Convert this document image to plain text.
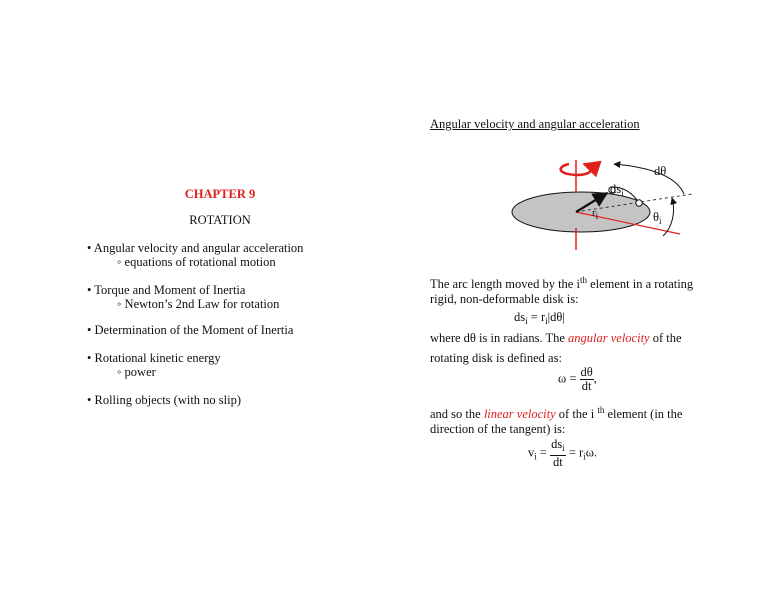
CHAPTER 9
ROTATION
• Angular velocity and angular acceleration
◦ equations of rotational motion
• Torque and Moment of Inertia
◦ Newton’s 2nd Law for rotation
• Determination of the Moment of Inertia
• Rotational kinetic energy
◦ power
• Rolling objects (with no slip)
Angular velocity and angular acceleration
dθ
$ds_i$
$r_i$	$\theta_i$
The arc length moved by the $i^{th}$ element in a rotating
rigid, non-deformable disk is:
$ds_i = r_i|d\theta|$
where dθ is in radians. The angular velocity of the
rotating disk is defined as:
$\omega = \frac{d\theta}{dt}$ ,
and so the linear velocity of the i $^{th}$ element (in the
direction of the tangent) is:
$v_i = \frac{ds_i}{dt} = r_i\omega$.
